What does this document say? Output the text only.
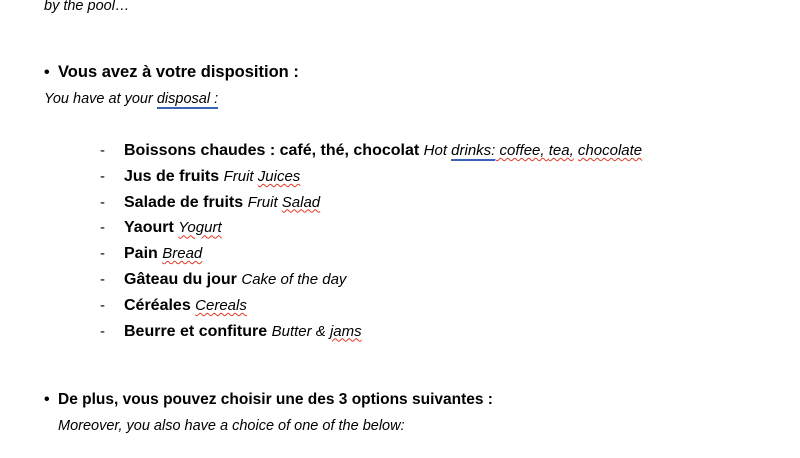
by the pool…
• Vous avez à votre disposition :
You have at your disposal :
- Boissons chaudes : café, thé, chocolat Hot drinks: coffee, tea, chocolate
- Jus de fruits Fruit Juices
- Salade de fruits Fruit Salad
- Yaourt Yogurt
- Pain Bread
- Gâteau du jour Cake of the day
- Céréales Cereals
- Beurre et confiture Butter & jams
• De plus, vous pouvez choisir une des 3 options suivantes :
Moreover, you also have a choice of one of the below:
